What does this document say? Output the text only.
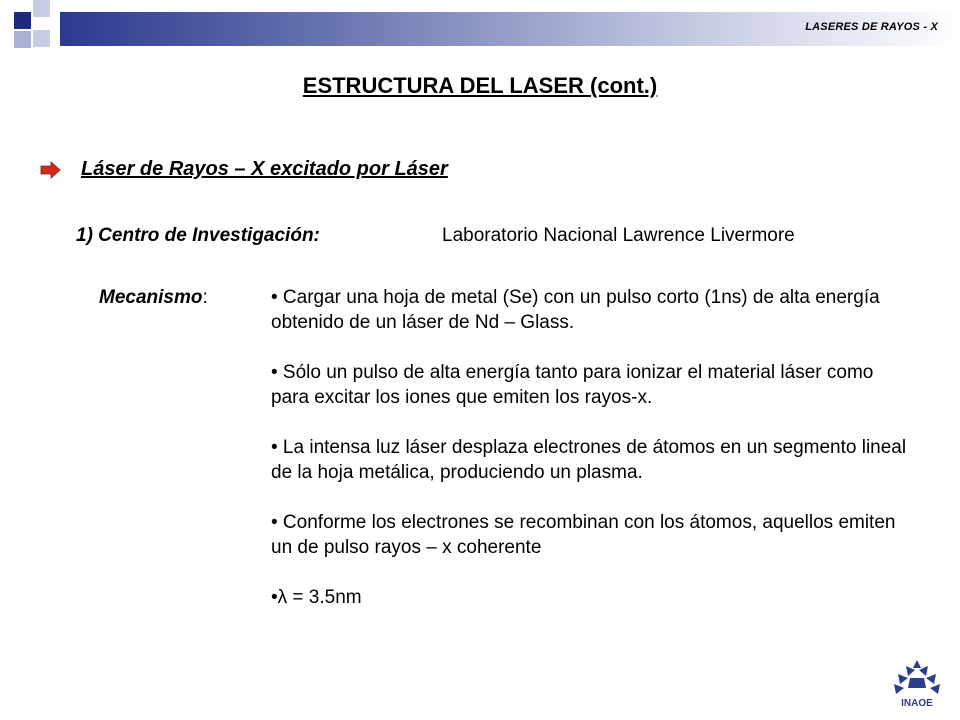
LASERES DE RAYOS - X
ESTRUCTURA DEL LASER (cont.)
Láser de Rayos – X excitado por Láser
1) Centro de Investigación:	Laboratorio Nacional Lawrence Livermore
Mecanismo:	• Cargar una hoja de metal (Se) con un pulso corto (1ns) de alta energía obtenido de un láser de Nd – Glass.

• Sólo un pulso de alta energía tanto para ionizar el material láser como para excitar los iones que emiten los rayos-x.

• La intensa luz láser desplaza electrones de átomos en un segmento lineal de la hoja metálica, produciendo un plasma.

• Conforme los electrones se recombinan con los átomos, aquellos emiten un de pulso rayos – x coherente

•λ = 3.5nm
INAOE
